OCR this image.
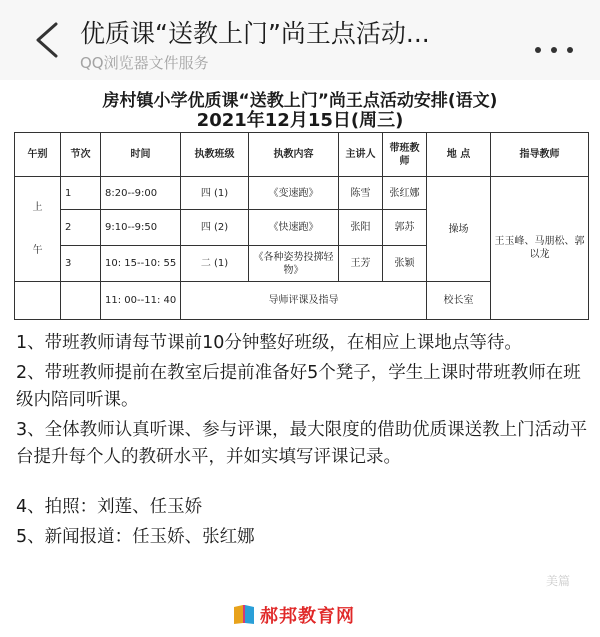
优质课“送教上门”尚王点活动...
QQ浏览器文件服务
房村镇小学优质课“送教上门”尚王点活动安排(语文)
2021年12月15日(周三)
午别	节次	时间	执教班级	执教内容	主讲人	带班教师	地 点	指导教师

上
午	1	8:20--9:00	四 (1)	《变速跑》	陈雪	张红娜	操场	王玉峰、马朋松、郭以龙
	2	9:10--9:50	四 (2)	《快速跑》	张阳	郭苏		
	3	10: 15--10: 55	二 (1)	《各种姿势投掷轻物》	王芳	张颖		
		11: 00--11: 40	导师评课及指导				校长室	

1、带班教师请每节课前10分钟整好班级，在相应上课地点等待。

2、带班教师提前在教室后提前准备好5个凳子，学生上课时带班教师在班级内陪同听课。

3、全体教师认真听课、参与评课，最大限度的借助优质课送教上门活动平台提升每个人的教研水平，并如实填写评课记录。

4、拍照：刘莲、任玉娇

5、新闻报道：任玉娇、张红娜

美篇
郝邦教育网
